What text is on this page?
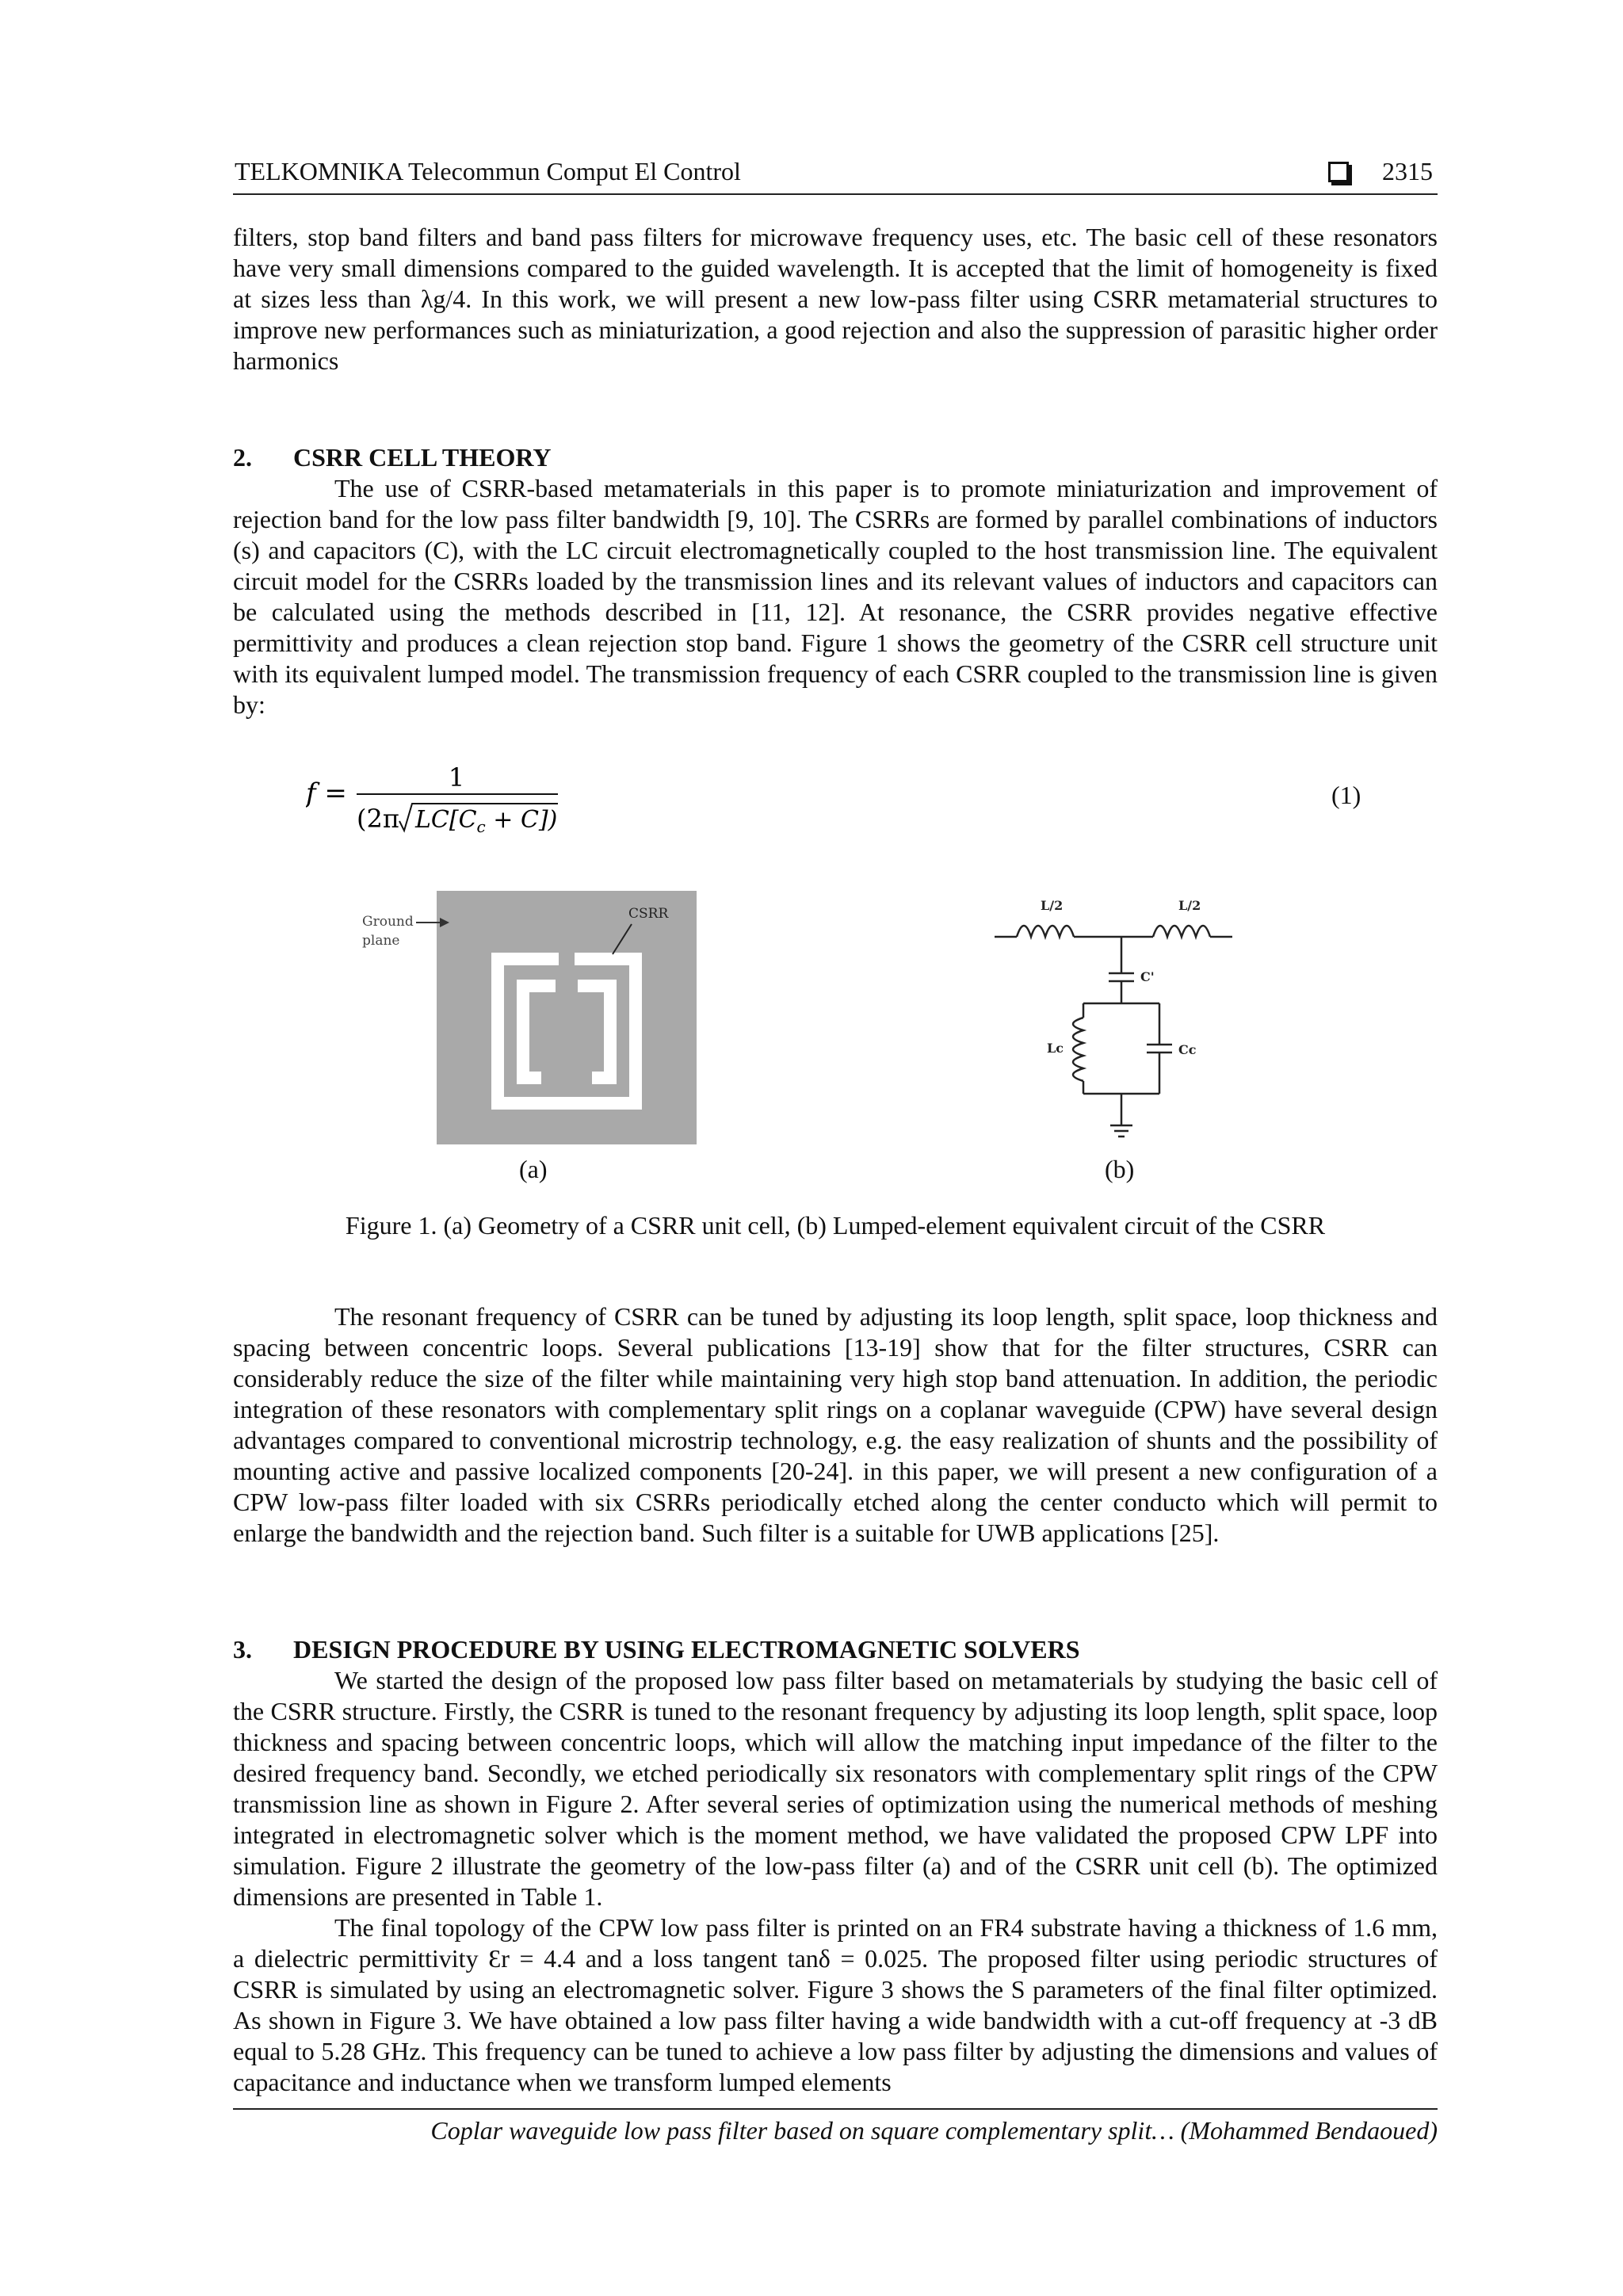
TELKOMNIKA Telecommun Comput El Control	2315

filters, stop band filters and band pass filters for microwave frequency uses, etc. The basic cell of these resonators have very small dimensions compared to the guided wavelength. It is accepted that the limit of homogeneity is fixed at sizes less than λg/4. In this work, we will present a new low-pass filter using CSRR metamaterial structures to improve new performances such as miniaturization, a good rejection and also the suppression of parasitic higher order harmonics

2. CSRR CELL THEORY

The use of CSRR-based metamaterials in this paper is to promote miniaturization and improvement of rejection band for the low pass filter bandwidth [9, 10]. The CSRRs are formed by parallel combinations of inductors (s) and capacitors (C), with the LC circuit electromagnetically coupled to the host transmission line. The equivalent circuit model for the CSRRs loaded by the transmission lines and its relevant values of inductors and capacitors can be calculated using the methods described in [11, 12]. At resonance, the CSRR provides negative effective permittivity and produces a clean rejection stop band. Figure 1 shows the geometry of the CSRR cell structure unit with its equivalent lumped model. The transmission frequency of each CSRR coupled to the transmission line is given by:

f =	1
(2π $LC[C_c + C]$)
(1)
Ground
plane
CSRR
(a)
L/2	L/2
C'
Lc	Cc
(b)
Figure 1. (a) Geometry of a CSRR unit cell, (b) Lumped-element equivalent circuit of the CSRR

The resonant frequency of CSRR can be tuned by adjusting its loop length, split space, loop thickness and spacing between concentric loops. Several publications [13-19] show that for the filter structures, CSRR can considerably reduce the size of the filter while maintaining very high stop band attenuation. In addition, the periodic integration of these resonators with complementary split rings on a coplanar waveguide (CPW) have several design advantages compared to conventional microstrip technology, e.g. the easy realization of shunts and the possibility of mounting active and passive localized components [20-24]. in this paper, we will present a new configuration of a CPW low-pass filter loaded with six CSRRs periodically etched along the center conducto which will permit to enlarge the bandwidth and the rejection band. Such filter is a suitable for UWB applications [25].

3. DESIGN PROCEDURE BY USING ELECTROMAGNETIC SOLVERS

We started the design of the proposed low pass filter based on metamaterials by studying the basic cell of the CSRR structure. Firstly, the CSRR is tuned to the resonant frequency by adjusting its loop length, split space, loop thickness and spacing between concentric loops, which will allow the matching input impedance of the filter to the desired frequency band. Secondly, we etched periodically six resonators with complementary split rings of the CPW transmission line as shown in Figure 2. After several series of optimization using the numerical methods of meshing integrated in electromagnetic solver which is the moment method, we have validated the proposed CPW LPF into simulation. Figure 2 illustrate the geometry of the low-pass filter (a) and of the CSRR unit cell (b). The optimized dimensions are presented in Table 1.

The final topology of the CPW low pass filter is printed on an FR4 substrate having a thickness of 1.6 mm, a dielectric permittivity Ɛr = 4.4 and a loss tangent tanδ = 0.025. The proposed filter using periodic structures of CSRR is simulated by using an electromagnetic solver. Figure 3 shows the S parameters of the final filter optimized. As shown in Figure 3. We have obtained a low pass filter having a wide bandwidth with a cut-off frequency at -3 dB equal to 5.28 GHz. This frequency can be tuned to achieve a low pass filter by adjusting the dimensions and values of capacitance and inductance when we transform lumped elements

Coplar waveguide low pass filter based on square complementary split… (Mohammed Bendaoued)
